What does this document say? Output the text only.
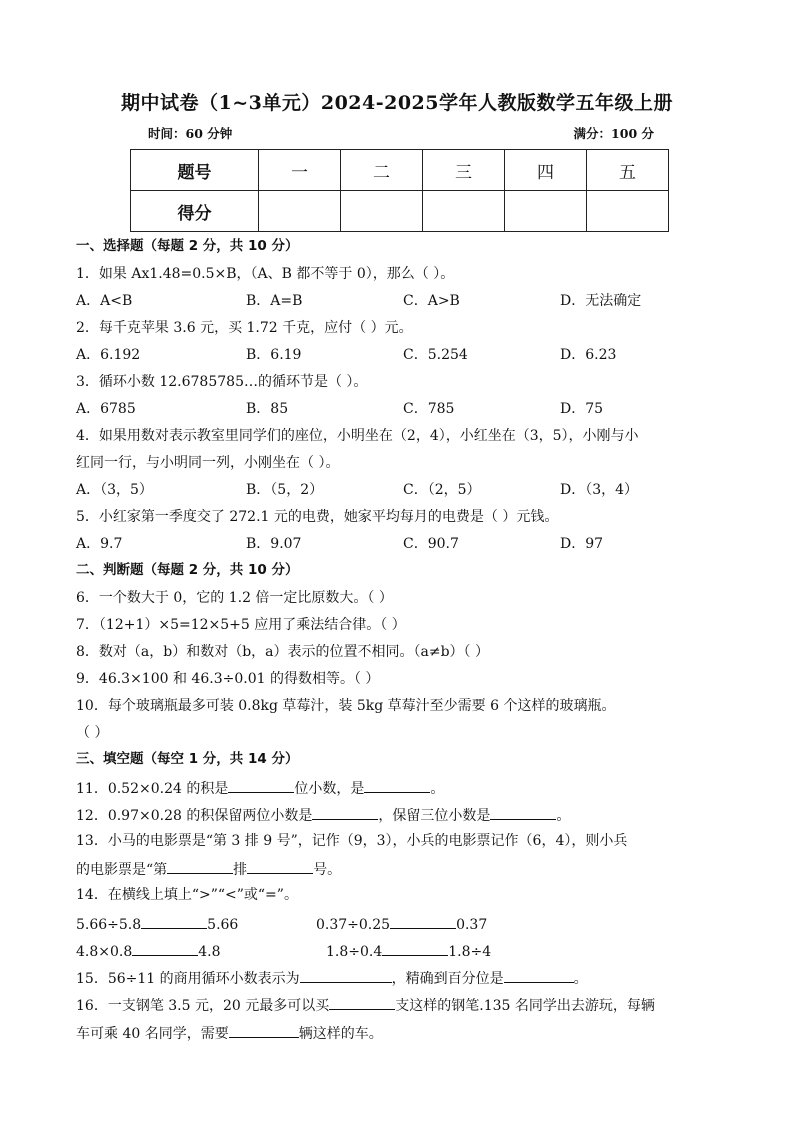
期中试卷（1~3单元）2024-2025学年人教版数学五年级上册
时间：60 分钟	满分：100 分
题号	一	二	三	四	五
得分					
一、选择题（每题 2 分，共 10 分）
1．如果 Ax1.48=0.5×B，（A、B 都不等于 0），那么（ ）。
A．A<B	B．A=B	C．A>B	D．无法确定
2．每千克苹果 3.6 元，买 1.72 千克，应付（ ）元。
A．6.192	B．6.19	C．5.254	D．6.23
3．循环小数 12.6785785…的循环节是（ ）。
A．6785	B．85	C．785	D．75
4．如果用数对表示教室里同学们的座位，小明坐在（2，4），小红坐在（3，5），小刚与小
红同一行，与小明同一列，小刚坐在（ ）。
A．（3，5）	B．（5，2）	C．（2，5）	D．（3，4）
5．小红家第一季度交了 272.1 元的电费，她家平均每月的电费是（ ）元钱。
A．9.7	B．9.07	C．90.7	D．97
二、判断题（每题 2 分，共 10 分）
6．一个数大于 0，它的 1.2 倍一定比原数大。（ ）
7．（12+1）×5=12×5+5 应用了乘法结合律。（ ）
8．数对（a，b）和数对（b，a）表示的位置不相同。（a≠b）（ ）
9．46.3×100 和 46.3÷0.01 的得数相等。（ ）
10．每个玻璃瓶最多可装 0.8kg 草莓汁，装 5kg 草莓汁至少需要 6 个这样的玻璃瓶。
（ ）
三、填空题（每空 1 分，共 14 分）
11．0.52×0.24 的积是	位小数，是	。
12．0.97×0.28 的积保留两位小数是	，保留三位小数是	。
13．小马的电影票是“第 3 排 9 号”，记作（9，3），小兵的电影票记作（6，4），则小兵
的电影票是“第	排	号。
14．在横线上填上“>”“<”或“=”。
5.66÷5.8	5.66	0.37÷0.25	0.37
4.8×0.8	4.8	1.8÷0.4	1.8÷4
15．56÷11 的商用循环小数表示为	，精确到百分位是	。
16．一支钢笔 3.5 元，20 元最多可以买	支这样的钢笔.135 名同学出去游玩，每辆
车可乘 40 名同学，需要	辆这样的车。
